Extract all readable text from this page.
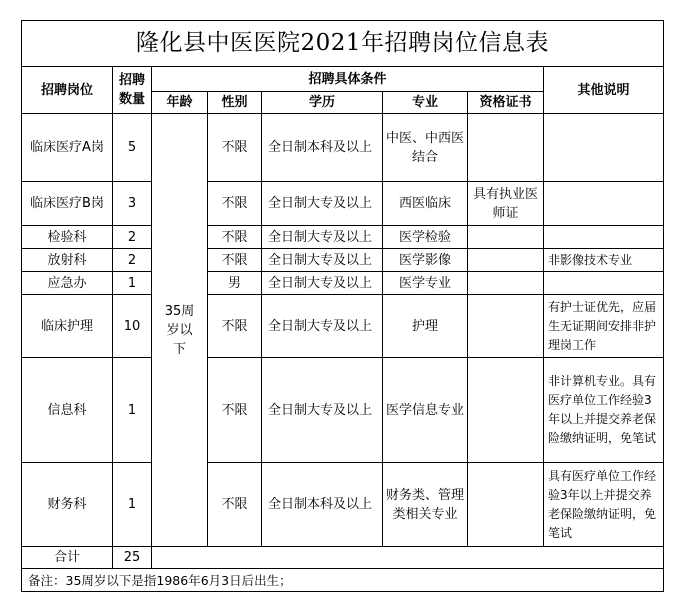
隆化县中医医院2021年招聘岗位信息表							
招聘岗位	招聘数量	招聘具体条件					其他说明
		年龄	性别	学历	专业	资格证书	
临床医疗A岗	5	35周岁以下	不限	全日制本科及以上	中医、中西医结合		
临床医疗B岗	3		不限	全日制大专及以上	西医临床	具有执业医师证	
检验科	2		不限	全日制大专及以上	医学检验		
放射科	2		不限	全日制大专及以上	医学影像		非影像技术专业
应急办	1		男	全日制大专及以上	医学专业		
临床护理	10		不限	全日制大专及以上	护理		有护士证优先，应届生无证期间安排非护理岗工作
信息科	1		不限	全日制大专及以上	医学信息专业		非计算机专业。具有医疗单位工作经验3年以上并提交养老保险缴纳证明，免笔试
财务科	1		不限	全日制本科及以上	财务类、管理类相关专业		具有医疗单位工作经验3年以上并提交养老保险缴纳证明，免笔试
合计	25						
备注：35周岁以下是指1986年6月3日后出生；							
